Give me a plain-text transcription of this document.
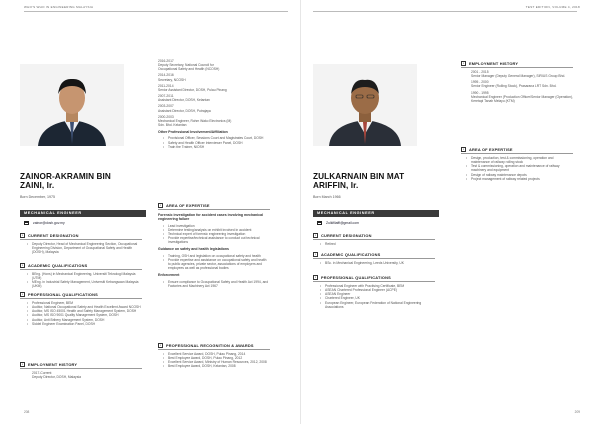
WHO'S WHO IN ENGINEERING MALAYSIA
ZAINOR-AKRAMIN BIN
ZAINI, Ir.
Born December, 1975
MECHANICAL ENGINEER
zainor@dosh.gov.my
▪	CURRENT DESIGNATION
• Deputy Director, Head of Mechanical Engineering Section, Occupational Engineering Division, Department of Occupational Safety and Health (DOSH), Malaysia
▪	ACADEMIC QUALIFICATIONS
• BEng. (Hons) in Mechanical Engineering, Universiti Teknologi Malaysia (UTM)
• MEng. in Industrial Safety Management, Universiti Kebangsaan Malaysia (UKM)
▪	PROFESSIONAL QUALIFICATIONS
• Professional Engineer, BEM
• Auditor, National Occupational Safety and Health Excellent Award NCOSH
• Auditor, MS ISO 45001 Health and Safety Management System, DOSH
• Auditor, MS ISO 9001 Quality Management System, DOSH
• Auditor, Anti Bribery Management System, DOSH
• Siddel Engineer Examination Panel, DOSH
▪	EMPLOYMENT HISTORY
2017-Current
Deputy Director, DOSH, Malaysia
2016-2017
Deputy Secretary, National Council for
Occupational Safety and Health (NCOSH)
2014-2016
Secretary, NCOSH
2011-2014
Senior Assistant Director, DOSH, Pulau Pinang
2007-2011
Assistant Director, DOSH, Kelantan
2003-2007
Assistant Director, DOSH, Putrajaya
2000-2003
Mechanical Engineer, Rohm Wako Electronics (M)
Sdn. Bhd. Kelantan
Other Professional Involvement/Affiliation
• Provisional Officer, Sessions Court and Magistrates Court, DOSH
• Safety and Health Officer Interviewer Panel, DOSH
• Train the Trainer, NIOSH
▪	AREA OF EXPERTISE
Forensic investigation for accident cases involving mechanical engineering failure
• Lead investigation
• Determine testing/analysis on exhibit involved in accident
• Technical expert of forensic engineering investigation
• Provide expertise/technical assistance to conduct out technical investigations
Guidance on safety and health legislations
• Training, OSH and legislation on occupational safety and health
• Provide expertise and assistance on occupational safety and health to public agencies, private sector, associations of employers and employees as well as professional bodies
Enforcement
• Ensure compliance to Occupational Safety and Health Act 1994, and Factories and Machinery Act 1967
▪	PROFESSIONAL RECOGNITION & AWARDS
• Excellent Service Award, DOSH, Pulau Pinang, 2014
• Best Employee Award, DOSH, Pulau Pinang, 2012
• Excellent Service Award, Ministry of Human Resources, 2012, 2008
• Best Employee Award, DOSH, Kelantan, 2008
208
TEST EDITION, VOLUME 4, 2018
ZULKARNAIN BIN MAT
ARIFFIN, Ir.
Born March 1966
MECHANICAL ENGINEER
Zulkifliaffi@gmail.com
▪	CURRENT DESIGNATION
• Retired
▪	ACADEMIC QUALIFICATIONS
• BSc. in Mechanical Engineering, Leeds University, UK
▪	PROFESSIONAL QUALIFICATIONS
• Professional Engineer with Practising Certificate, BEM
• ASEAN Chartered Professional Engineer (ACPE)
• ASEAN Engineer
• Chartered Engineer, UK
• European Engineer, European Federation of National Engineering Associations
▪	EMPLOYMENT HISTORY
2001 - 2015
Senior Manager (Deputy General Manager), SIRIUS Group Bhd.
1995 - 2000
Senior Engineer (Rolling Stock), Prasarana LRT Sdn. Bhd.
1990 - 1995
Mechanical Engineer (Production Officer/Senior Manager (Operation), Keretapi Tanah Melayu (KTM)
▪	AREA OF EXPERTISE
• Design, production, test & commissioning, operation and maintenance of railway rolling stock
• Test & commissioning, operation and maintenance of railway machinery and equipment
• Design of railway maintenance depots
• Project management of railway related projects
209
